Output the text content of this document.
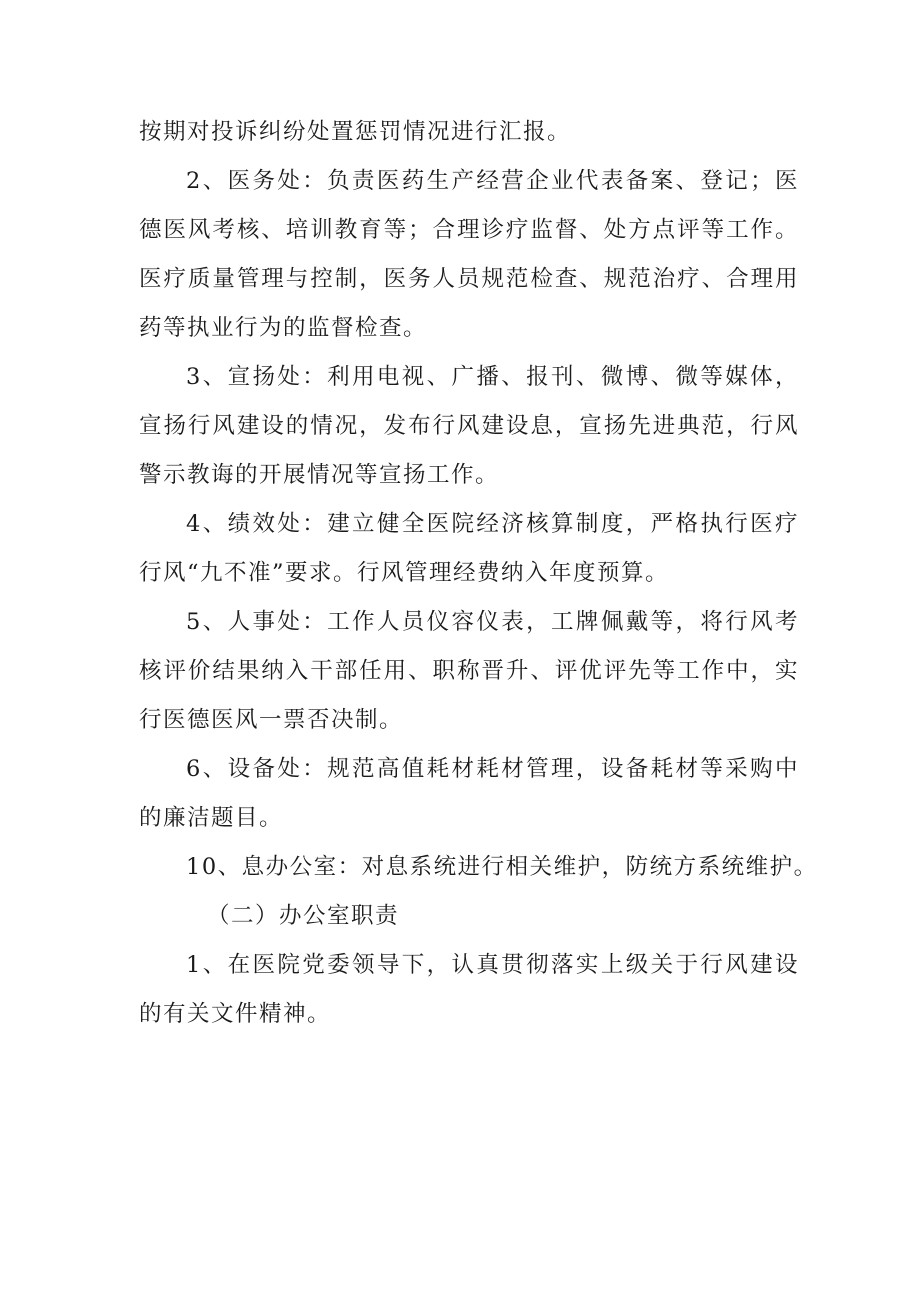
按期对投诉纠纷处置惩罚情况进行汇报。

2、医务处：负责医药生产经营企业代表备案、登记；医德医风考核、培训教育等；合理诊疗监督、处方点评等工作。医疗质量管理与控制，医务人员规范检查、规范治疗、合理用药等执业行为的监督检查。

3、宣扬处：利用电视、广播、报刊、微博、微等媒体，宣扬行风建设的情况，发布行风建设息，宣扬先进典范，行风警示教诲的开展情况等宣扬工作。

4、绩效处：建立健全医院经济核算制度，严格执行医疗行风“九不准”要求。行风管理经费纳入年度预算。

5、人事处：工作人员仪容仪表，工牌佩戴等，将行风考核评价结果纳入干部任用、职称晋升、评优评先等工作中，实行医德医风一票否决制。

6、设备处：规范高值耗材耗材管理，设备耗材等采购中的廉洁题目。

10、息办公室：对息系统进行相关维护，防统方系统维护。

（二）办公室职责

1、在医院党委领导下，认真贯彻落实上级关于行风建设的有关文件精神。
